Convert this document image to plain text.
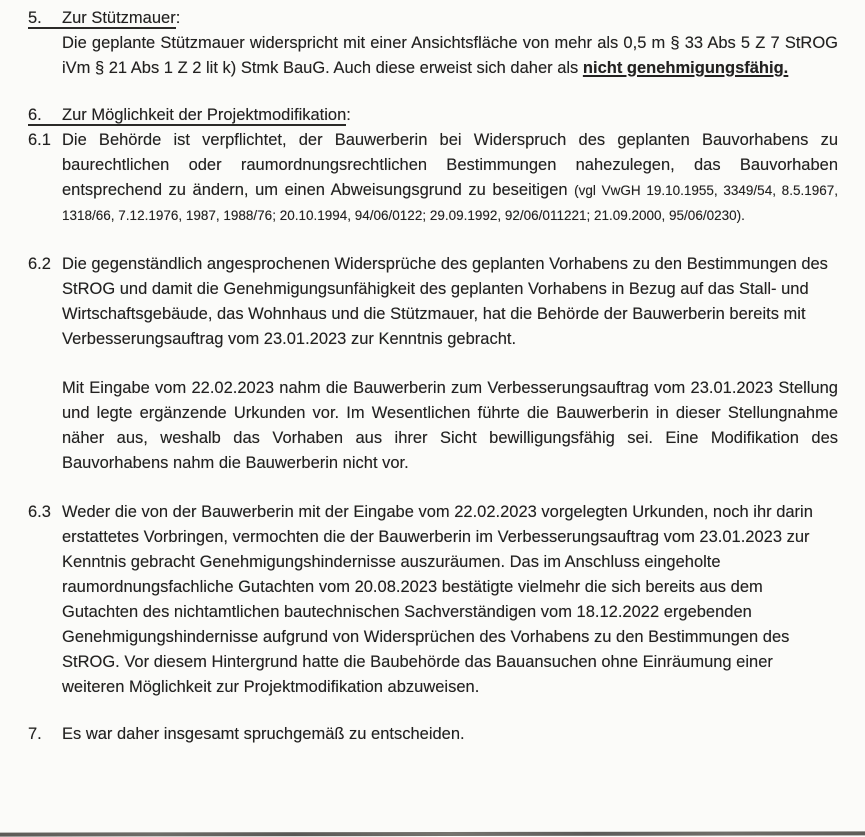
5. Zur Stützmauer:
Die geplante Stützmauer widerspricht mit einer Ansichtsfläche von mehr als 0,5 m § 33 Abs 5 Z 7 StROG iVm § 21 Abs 1 Z 2 lit k) Stmk BauG. Auch diese erweist sich daher als nicht genehmigungsfähig.
6. Zur Möglichkeit der Projektmodifikation:
6.1 Die Behörde ist verpflichtet, der Bauwerberin bei Widerspruch des geplanten Bauvorhabens zu baurechtlichen oder raumordnungsrechtlichen Bestimmungen nahezulegen, das Bauvorhaben entsprechend zu ändern, um einen Abweisungsgrund zu beseitigen (vgl VwGH 19.10.1955, 3349/54, 8.5.1967, 1318/66, 7.12.1976, 1987, 1988/76; 20.10.1994, 94/06/0122; 29.09.1992, 92/06/011221; 21.09.2000, 95/06/0230).
6.2 Die gegenständlich angesprochenen Widersprüche des geplanten Vorhabens zu den Bestimmungen des StROG und damit die Genehmigungsunfähigkeit des geplanten Vorhabens in Bezug auf das Stall- und Wirtschaftsgebäude, das Wohnhaus und die Stützmauer, hat die Behörde der Bauwerberin bereits mit Verbesserungsauftrag vom 23.01.2023 zur Kenntnis gebracht.
Mit Eingabe vom 22.02.2023 nahm die Bauwerberin zum Verbesserungsauftrag vom 23.01.2023 Stellung und legte ergänzende Urkunden vor. Im Wesentlichen führte die Bauwerberin in dieser Stellungnahme näher aus, weshalb das Vorhaben aus ihrer Sicht bewilligungsfähig sei. Eine Modifikation des Bauvorhabens nahm die Bauwerberin nicht vor.
6.3 Weder die von der Bauwerberin mit der Eingabe vom 22.02.2023 vorgelegten Urkunden, noch ihr darin erstattetes Vorbringen, vermochten die der Bauwerberin im Verbesserungsauftrag vom 23.01.2023 zur Kenntnis gebracht Genehmigungshindernisse auszuräumen. Das im Anschluss eingeholte raumordnungsfachliche Gutachten vom 20.08.2023 bestätigte vielmehr die sich bereits aus dem Gutachten des nichtamtlichen bautechnischen Sachverständigen vom 18.12.2022 ergebenden Genehmigungshindernisse aufgrund von Widersprüchen des Vorhabens zu den Bestimmungen des StROG. Vor diesem Hintergrund hatte die Baubehörde das Bauansuchen ohne Einräumung einer weiteren Möglichkeit zur Projektmodifikation abzuweisen.
7. Es war daher insgesamt spruchgemäß zu entscheiden.
